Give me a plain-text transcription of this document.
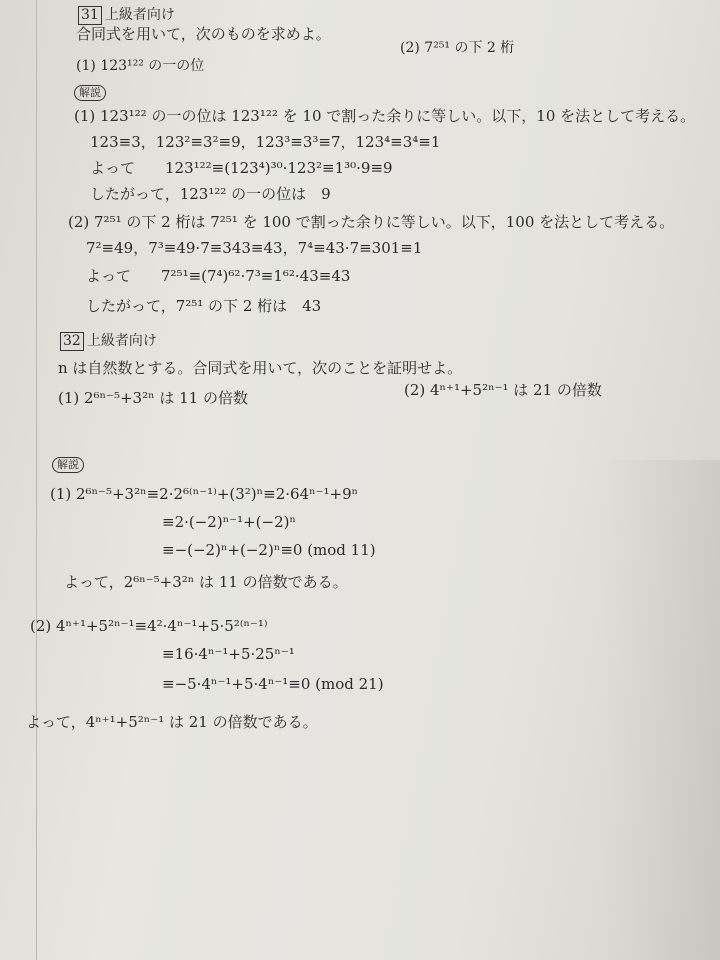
31 上級者向け
合同式を用いて，次のものを求めよ。
(2) 7²⁵¹ の下 2 桁
(1) 123¹²² の一の位
解説
(1) 123¹²² の一の位は 123¹²² を 10 で割った余りに等しい。以下，10 を法として考える。
123≡3，123²≡3²≡9，123³≡3³≡7，123⁴≡3⁴≡1
よって　　123¹²²≡(123⁴)³⁰·123²≡1³⁰·9≡9
したがって，123¹²² の一の位は　9
(2) 7²⁵¹ の下 2 桁は 7²⁵¹ を 100 で割った余りに等しい。以下，100 を法として考える。
7²≡49，7³≡49·7≡343≡43，7⁴≡43·7≡301≡1
よって　　7²⁵¹≡(7⁴)⁶²·7³≡1⁶²·43≡43
したがって，7²⁵¹ の下 2 桁は　43
32 上級者向け
n は自然数とする。合同式を用いて，次のことを証明せよ。
(1) 2⁶ⁿ⁻⁵+3²ⁿ は 11 の倍数	(2) 4ⁿ⁺¹+5²ⁿ⁻¹ は 21 の倍数
解説
(1) 2⁶ⁿ⁻⁵+3²ⁿ≡2·2⁶⁽ⁿ⁻¹⁾+(3²)ⁿ≡2·64ⁿ⁻¹+9ⁿ
≡2·(−2)ⁿ⁻¹+(−2)ⁿ
≡−(−2)ⁿ+(−2)ⁿ≡0 (mod 11)
よって，2⁶ⁿ⁻⁵+3²ⁿ は 11 の倍数である。
(2) 4ⁿ⁺¹+5²ⁿ⁻¹≡4²·4ⁿ⁻¹+5·5²⁽ⁿ⁻¹⁾
≡16·4ⁿ⁻¹+5·25ⁿ⁻¹
≡−5·4ⁿ⁻¹+5·4ⁿ⁻¹≡0 (mod 21)
よって，4ⁿ⁺¹+5²ⁿ⁻¹ は 21 の倍数である。
